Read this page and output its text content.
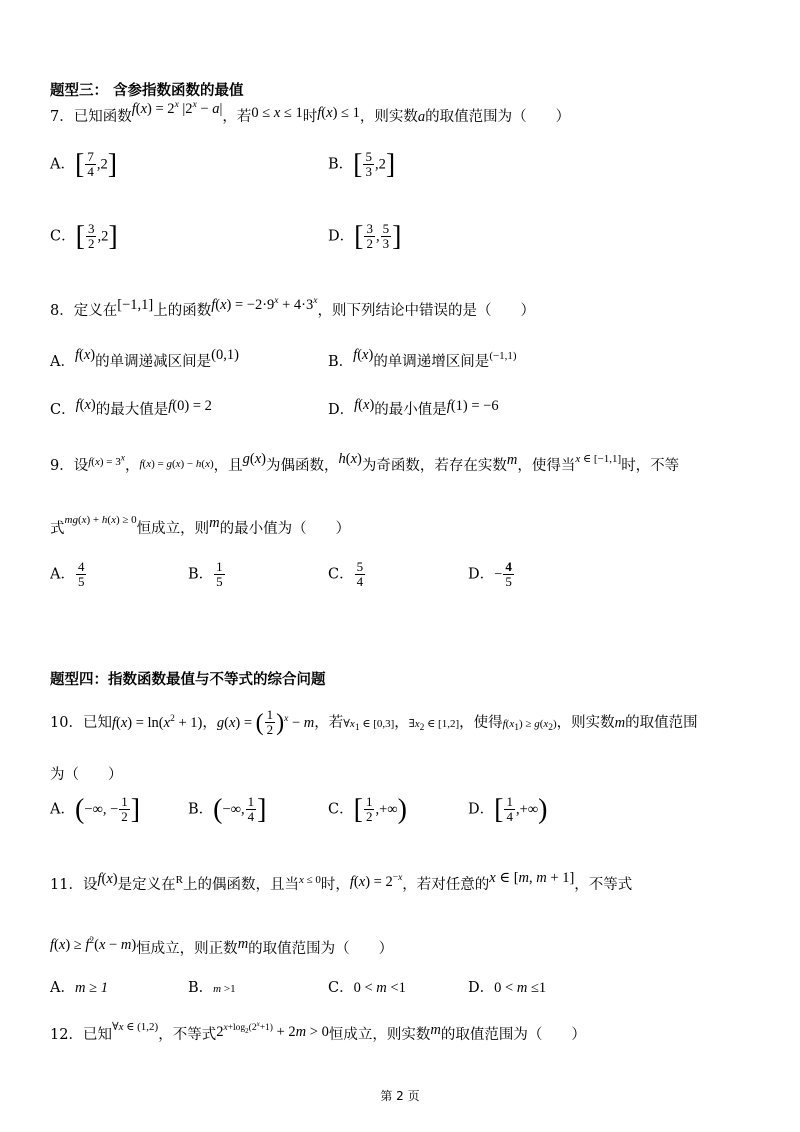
题型三： 含参指数函数的最值
7．已知函数$f(x) = 2^x$ $|2^x - a|$，若0 ≤ x ≤ 1时f(x) ≤ 1，则实数a的取值范围为（　　）
A．[ $\frac{7}{4} ,2$]	B．[ $\frac{5}{3} ,2$]
C．[ $\frac{3}{2} ,2$]	D．[ $\frac{3}{2}$ , $\frac{5}{3}$ ]
8．定义在[−1,1]上的函数$f(x) = -2\cdot 9^x + 4\cdot 3^x$，则下列结论中错误的是（　　）
A．f(x)的单调递减区间是(0,1)	B．f(x)的单调递增区间是$^{(-1,1)}$
C．f(x)的最大值是f(0) = 2	D．f(x)的最小值是f(1) = −6
9．设$^{f(x) = 3^x}$，$^{f(x) = g(x) - h(x)}$，且g(x)为偶函数，h(x)为奇函数，若存在实数m，使得当$^{x \in [-1,1]}$时，不等
式$^{mg(x) + h(x) \ge 0}$恒成立，则m的最小值为（　　）
A． $\frac{4}{5}$	B． $\frac{1}{5}$	C． $\frac{5}{4}$	D．− $\frac{4}{5}$
题型四：指数函数最值与不等式的综合问题
10．已知$f(x) = \ln(x^2 + 1)$，g(x) = ( $\frac{1}{2} )^x - m$，若$\forall x_1$ ∈ [0,3]，$\exists x_2$ ∈ [1,2]，使得$f(x_1) \ge g(x_2)$，则实数m的取值范围
为（　　）
A．(−∞, − $\frac{1}{2}$ ]	B．(−∞, $\frac{1}{4}$ ]	C．[ $\frac{1}{2}$ ,+∞)	D．[ $\frac{1}{4}$ ,+∞)
11．设f(x)是定义在$^R$上的偶函数，且当$^{x \le 0}$时，$f(x) = 2^{-x}$，若对任意的x ∈ [m, m + 1]，不等式
$f(x) \ge f^2(x - m)$恒成立，则正数m的取值范围为（　　）
A．m ≥ 1	B．m >1	C．0 < m <1	D．0 < m ≤1
12．已知$^{\forall x \in (1,2)}$，不等式$2^{x+log_2(2^x+1)} + 2m > 0$恒成立，则实数m的取值范围为（　　）
第 2 页
